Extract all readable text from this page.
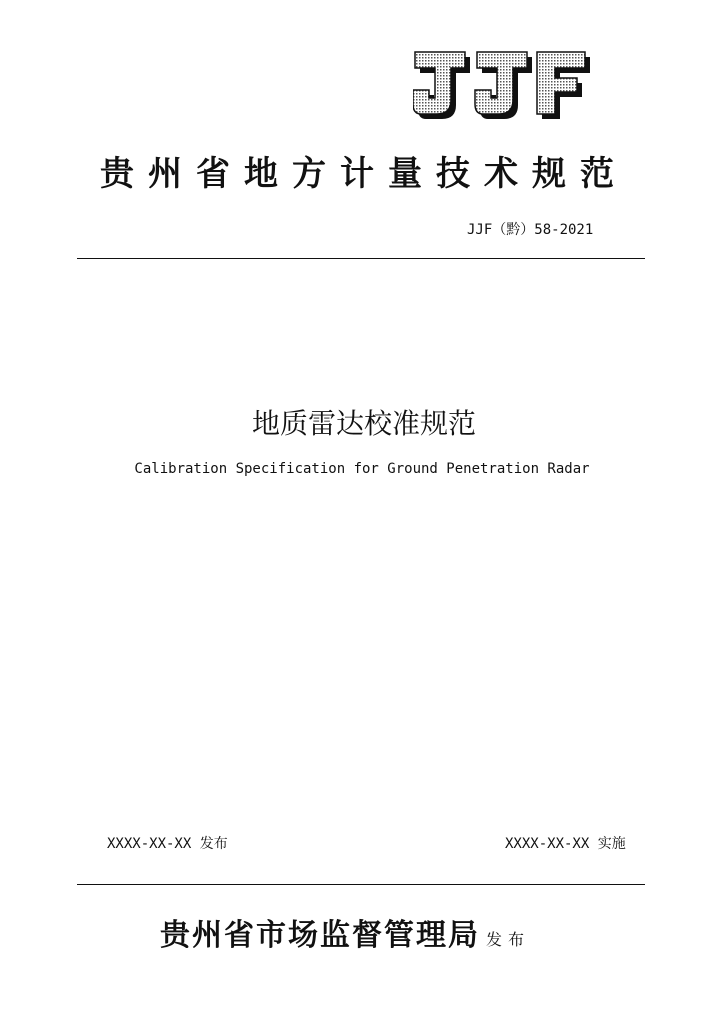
JJF
贵州省地方计量技术规范
JJF（黔）58-2021
地质雷达校准规范
Calibration Specification for Ground Penetration Radar
XXXX-XX-XX 发布	XXXX-XX-XX 实施
贵州省市场监督管理局 发布
